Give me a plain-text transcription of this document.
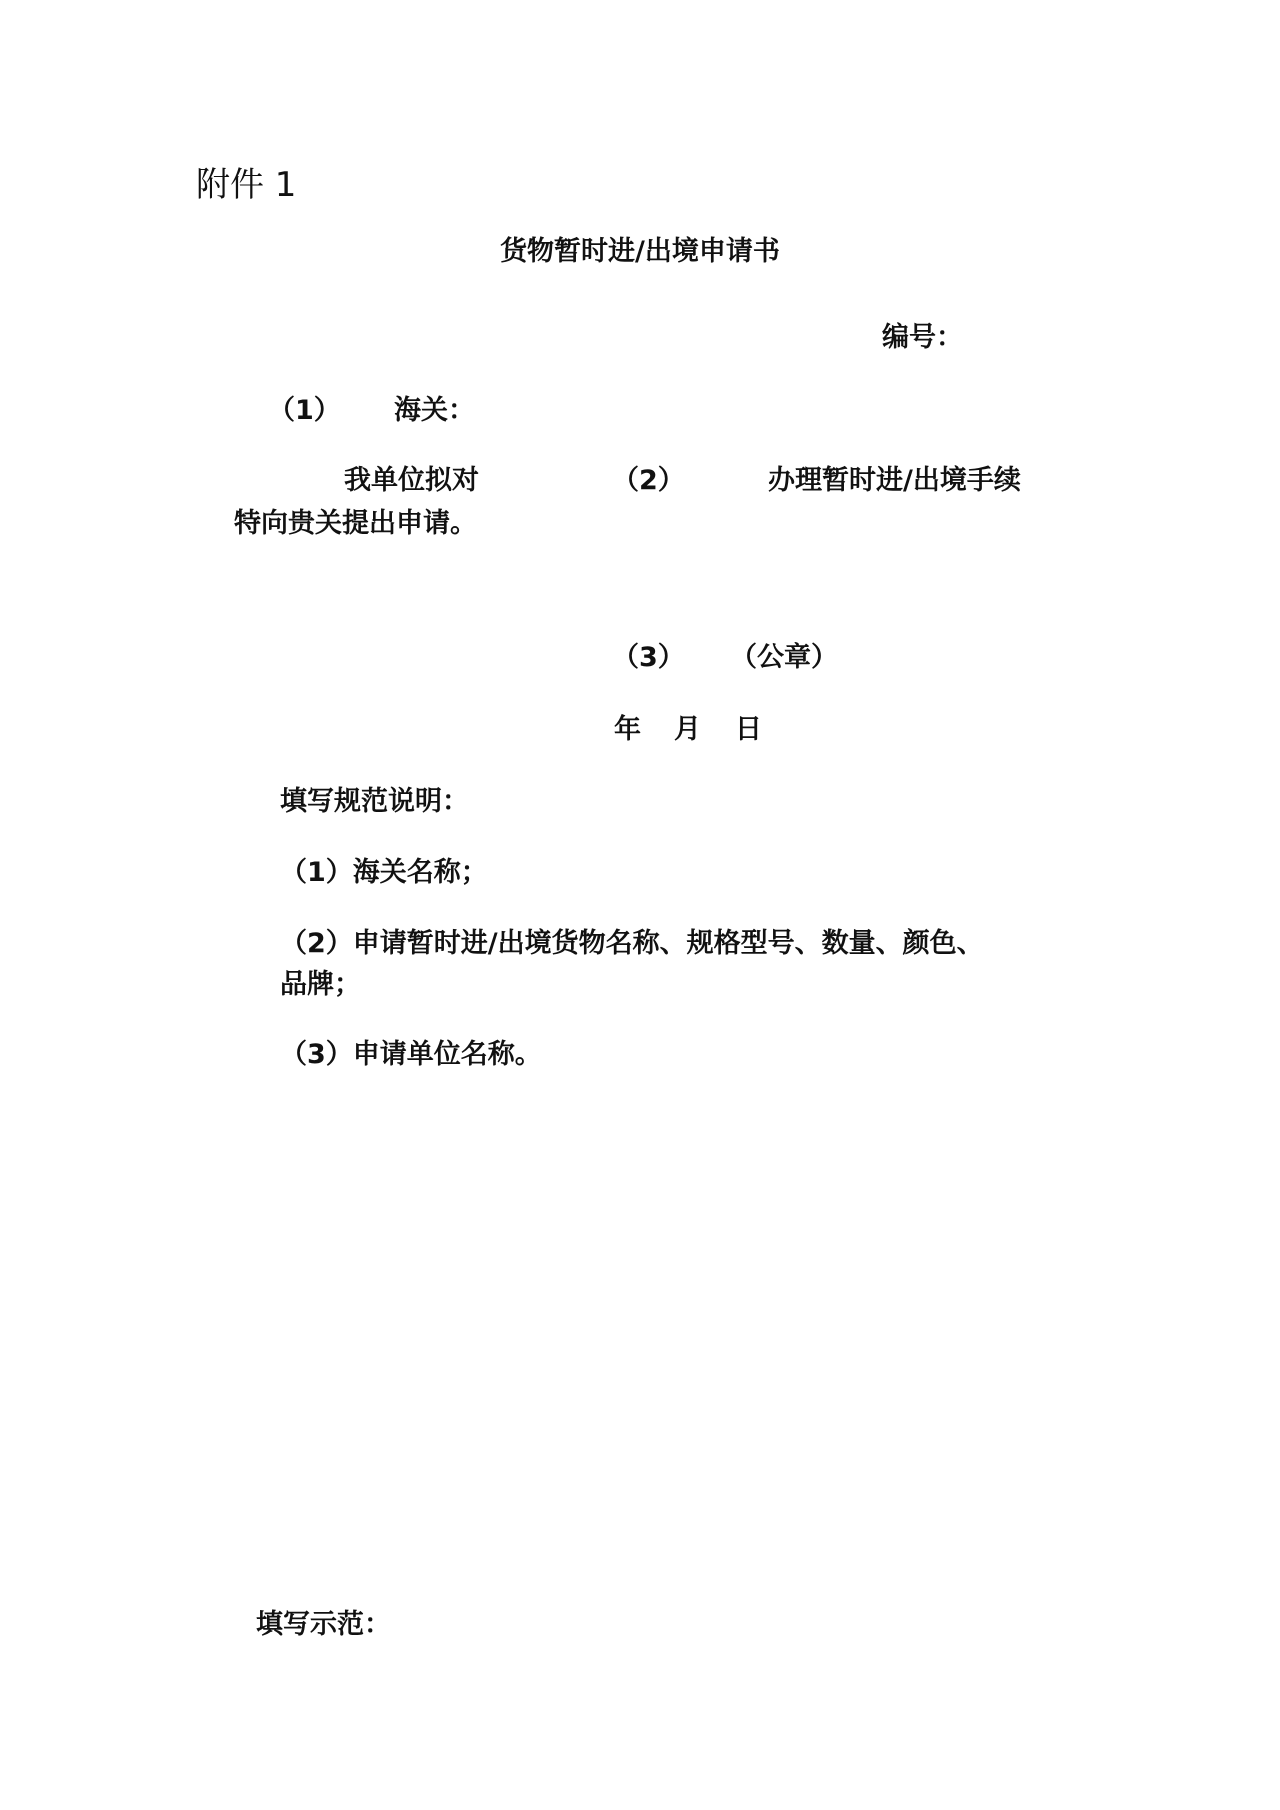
附件 1
货物暂时进/出境申请书
编号：
（1） 海关：
我单位拟对	（2）	办理暂时进/出境手续
特向贵关提出申请。
（3） （公章）
年 月 日
填写规范说明：
（1）海关名称；
（2）申请暂时进/出境货物名称、规格型号、数量、颜色、
品牌；
（3）申请单位名称。
填写示范：
